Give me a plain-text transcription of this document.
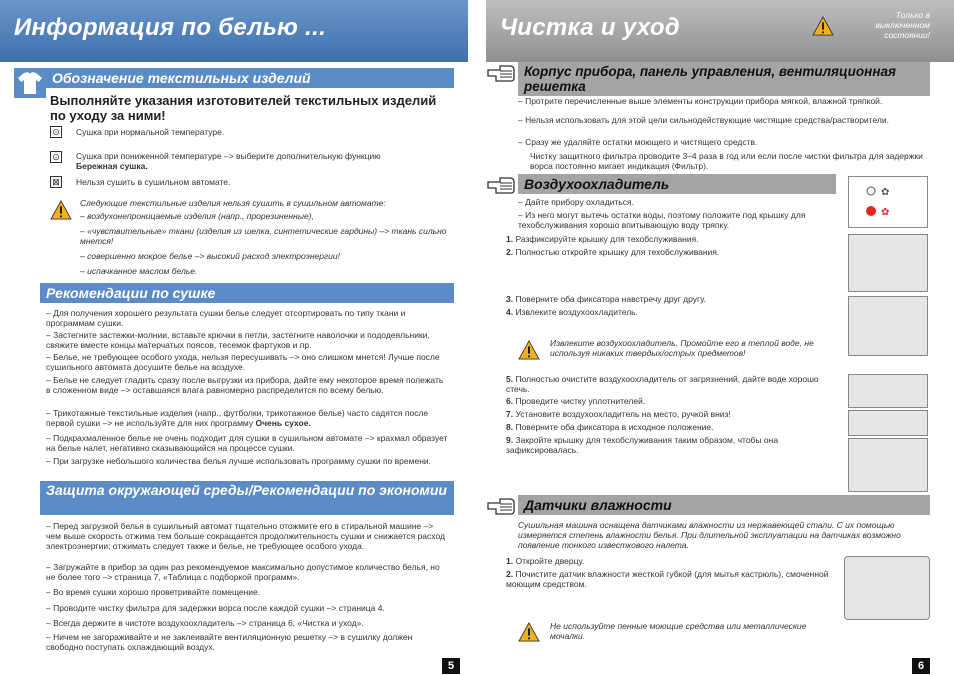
Информация по белью ...
Обозначение текстильных изделий
Выполняйте указания изготовителей текстильных изделий по уходу за ними!
⊙ Сушка при нормальной температуре.
⊙ Сушка при пониженной температуре –> выберите дополнительную функцию
Бережная сушка.
⊠ Нельзя сушить в сушильном автомате.
Следующие текстильные изделия нельзя сушить в сушильном автомате:
– воздухонепроницаемые изделия (напр., прорезиненные),
– «чувствительные» ткани (изделия из шелка, синтетические гардины) –> ткань сильно мнется!
– совершенно мокрое белье –> высокий расход электроэнергии!
– испачканное маслом белье.
Рекомендации по сушке
– Для получения хорошего результата сушки белье следует отсортировать по типу ткани и программам сушки.
– Застегните застежки-молнии, вставьте крючки в петли, застегните наволочки и пододеяльники, свяжите вместе концы матерчатых поясов, тесемок фартуков и пр.
– Белье, не требующее особого ухода, нельзя пересушивать –> оно слишком мнется! Лучше после сушильного автомата досушите белье на воздухе.
– Белье не следует гладить сразу после выгрузки из прибора, дайте ему некоторое время полежать в сложенном виде –> оставшаяся влага равномерно распределится по всему белью.
– Трикотажные текстильные изделия (напр., футболки, трикотажное белье) часто садятся после первой сушки –> не используйте для них программу Очень сухое.
– Подкрахмаленное белье не очень подходит для сушки в сушильном автомате –> крахмал образует на белье налет, негативно сказывающийся на процессе сушки.
– При загрузке небольшого количества белья лучше использовать программу сушки по времени.
Защита окружающей среды/Рекомендации по экономии
– Перед загрузкой белья в сушильный автомат тщательно отожмите его в стиральной машине –> чем выше скорость отжима тем больше сокращается продолжительность сушки и снижается расход электроэнергии; отжимать следует также и белье, не требующее особого ухода.
– Загружайте в прибор за один раз рекомендуемое максимально допустимое количество белья, но не более того –> страница 7, «Таблица с подборкой программ».
– Во время сушки хорошо проветривайте помещение.
– Проводите чистку фильтра для задержки ворса после каждой сушки –> страница 4.
– Всегда держите в чистоте воздухоохладитель –> страница 6, «Чистка и уход».
– Ничем не загораживайте и не заклеивайте вентиляционную решетку –> в сушилку должен свободно поступать охлаждающий воздух.
5
Чистка и уход	Только в выключенном состоянии!
Корпус прибора, панель управления, вентиляционная решетка
– Протрите перечисленные выше элементы конструкции прибора мягкой, влажной тряпкой.
– Нельзя использовать для этой цели сильнодействующие чистящие средства/растворители.
– Сразу же удаляйте остатки моющего и чистящего средств.
Чистку защитного фильтра проводите 3–4 раза в год или если после чистки фильтра для задержки ворса постоянно мигает индикация (Фильтр).
Воздухоохладитель
✿
✿
– Дайте прибору охладиться.
– Из него могут вытечь остатки воды, поэтому положите под крышку для техобслуживания хорошо впитывающую воду тряпку.
1. Разфиксируйте крышку для техобслуживания.
2. Полностью откройте крышку для техобслуживания.
3. Поверните оба фиксатора навстречу друг другу.
4. Извлеките воздухоохладитель.
Извлеките воздухоохладитель. Промойте его в теплой воде, не используя никаких твердых/острых предметов!
5. Полностью очистите воздухоохладитель от загрязнений, дайте воде хорошо стечь.
6. Проведите чистку уплотнителей.
7. Установите воздухоохладитель на место, ручкой вниз!
8. Поверните оба фиксатора в исходное положение.
9. Закройте крышку для техобслуживания таким образом, чтобы она зафиксировалась.
Датчики влажности
Сушильная машина оснащена датчиками влажности из нержавеющей стали. С их помощью измеряется степень влажности белья. При длительной эксплуатации на датчиках возможно появление тонкого известкового налета.
1. Откройте дверцу.
2. Почистите датчик влажности жесткой губкой (для мытья кастрюль), смоченной моющим средством.
Не используйте пенные моющие средства или металлические мочалки.
6
